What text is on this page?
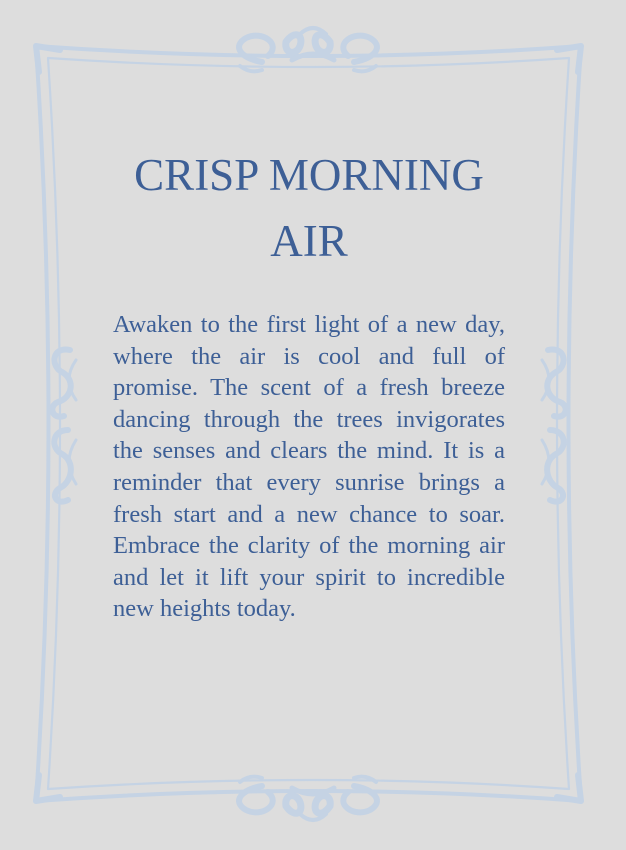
CRISP MORNING AIR

Awaken to the first light of a new day, where the air is cool and full of promise. The scent of a fresh breeze dancing through the trees invigorates the senses and clears the mind. It is a reminder that every sunrise brings a fresh start and a new chance to soar. Embrace the clarity of the morning air and let it lift your spirit to incredible new heights today.
